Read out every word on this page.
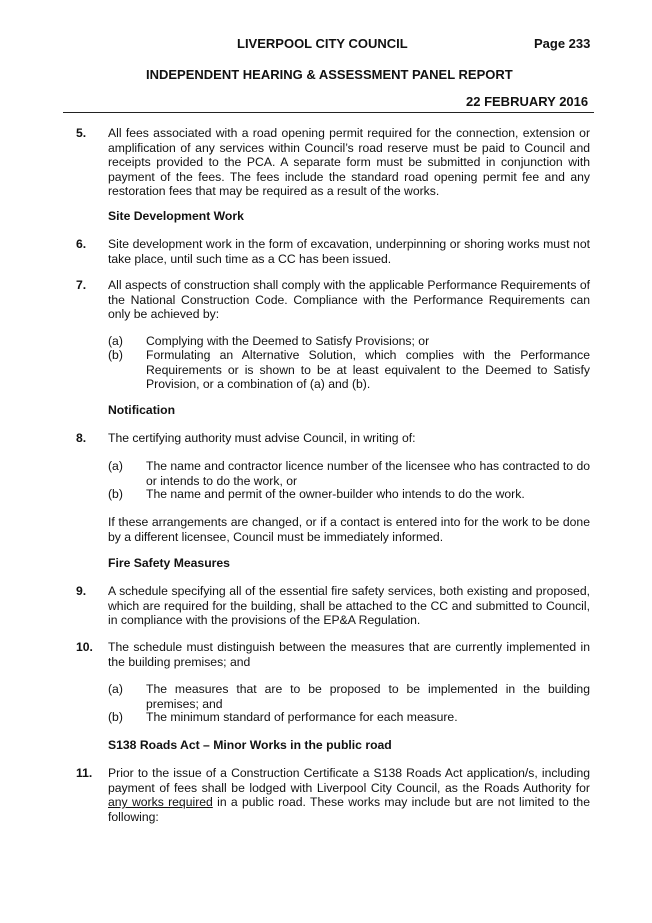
LIVERPOOL CITY COUNCIL	Page 233
INDEPENDENT HEARING & ASSESSMENT PANEL REPORT
22 FEBRUARY 2016
5. All fees associated with a road opening permit required for the connection, extension or amplification of any services within Council’s road reserve must be paid to Council and receipts provided to the PCA. A separate form must be submitted in conjunction with payment of the fees. The fees include the standard road opening permit fee and any restoration fees that may be required as a result of the works.
Site Development Work
6. Site development work in the form of excavation, underpinning or shoring works must not take place, until such time as a CC has been issued.
7. All aspects of construction shall comply with the applicable Performance Requirements of the National Construction Code. Compliance with the Performance Requirements can only be achieved by:
(a) Complying with the Deemed to Satisfy Provisions; or
(b) Formulating an Alternative Solution, which complies with the Performance Requirements or is shown to be at least equivalent to the Deemed to Satisfy Provision, or a combination of (a) and (b).
Notification
8. The certifying authority must advise Council, in writing of:
(a) The name and contractor licence number of the licensee who has contracted to do or intends to do the work, or
(b) The name and permit of the owner-builder who intends to do the work.
If these arrangements are changed, or if a contact is entered into for the work to be done by a different licensee, Council must be immediately informed.
Fire Safety Measures
9. A schedule specifying all of the essential fire safety services, both existing and proposed, which are required for the building, shall be attached to the CC and submitted to Council, in compliance with the provisions of the EP&A Regulation.
10. The schedule must distinguish between the measures that are currently implemented in the building premises; and
(a) The measures that are to be proposed to be implemented in the building premises; and
(b) The minimum standard of performance for each measure.
S138 Roads Act – Minor Works in the public road
11. Prior to the issue of a Construction Certificate a S138 Roads Act application/s, including payment of fees shall be lodged with Liverpool City Council, as the Roads Authority for any works required in a public road. These works may include but are not limited to the following:
